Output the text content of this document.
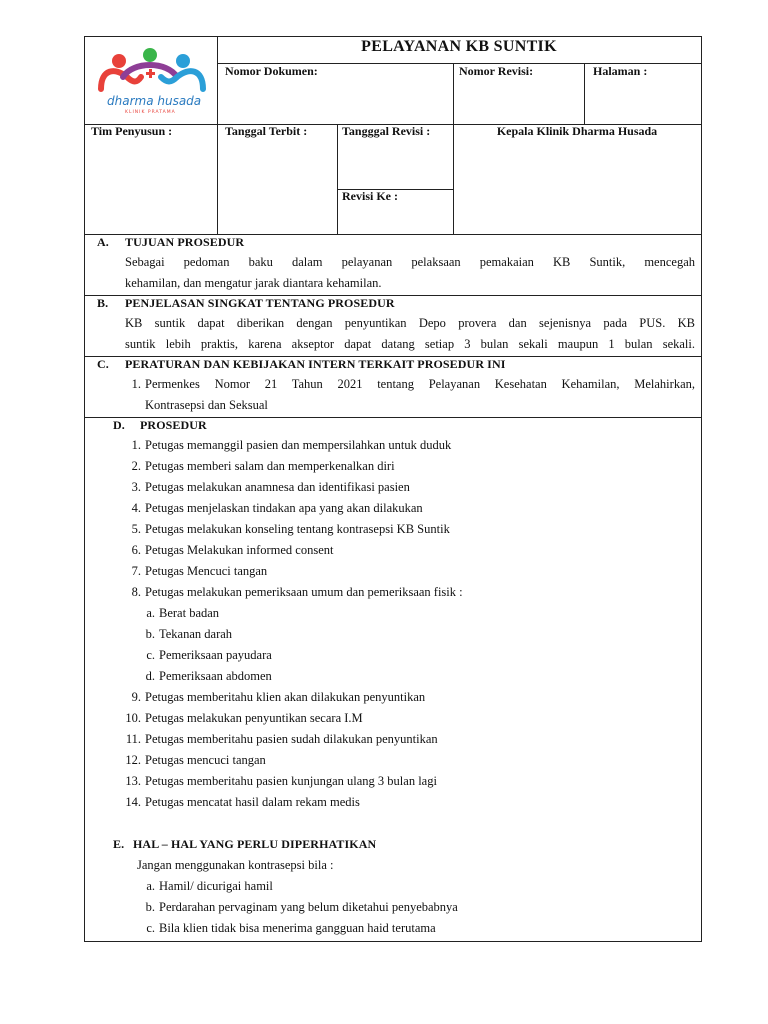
dharma husada
KLINIK PRATAMA
PELAYANAN KB SUNTIK
Nomor Dokumen:	Nomor Revisi:	Halaman :
Tim Penyusun :	Tanggal Terbit :	Tangggal Revisi :
Revisi Ke :
Kepala Klinik Dharma Husada
A. TUJUAN PROSEDUR
Sebagai pedoman baku dalam pelayanan pelaksaan pemakaian KB Suntik, mencegah
kehamilan, dan mengatur jarak diantara kehamilan.
B. PENJELASAN SINGKAT TENTANG PROSEDUR
KB suntik dapat diberikan dengan penyuntikan Depo provera dan sejenisnya pada PUS. KB
suntik lebih praktis, karena akseptor dapat datang setiap 3 bulan sekali maupun 1 bulan sekali.
C. PERATURAN DAN KEBIJAKAN INTERN TERKAIT PROSEDUR INI
1. Permenkes Nomor 21 Tahun 2021 tentang Pelayanan Kesehatan Kehamilan, Melahirkan,
Kontrasepsi dan Seksual
D. PROSEDUR
1. Petugas memanggil pasien dan mempersilahkan untuk duduk
2. Petugas memberi salam dan memperkenalkan diri
3. Petugas melakukan anamnesa dan identifikasi pasien
4. Petugas menjelaskan tindakan apa yang akan dilakukan
5. Petugas melakukan konseling tentang kontrasepsi KB Suntik
6. Petugas Melakukan informed consent
7. Petugas Mencuci tangan
8. Petugas melakukan pemeriksaan umum dan pemeriksaan fisik :
a. Berat badan
b. Tekanan darah
c. Pemeriksaan payudara
d. Pemeriksaan abdomen
9. Petugas memberitahu klien akan dilakukan penyuntikan
10. Petugas melakukan penyuntikan secara I.M
11. Petugas memberitahu pasien sudah dilakukan penyuntikan
12. Petugas mencuci tangan
13. Petugas memberitahu pasien kunjungan ulang 3 bulan lagi
14. Petugas mencatat hasil dalam rekam medis
E. HAL – HAL YANG PERLU DIPERHATIKAN
Jangan menggunakan kontrasepsi bila :
a. Hamil/ dicurigai hamil
b. Perdarahan pervaginam yang belum diketahui penyebabnya
c. Bila klien tidak bisa menerima gangguan haid terutama
